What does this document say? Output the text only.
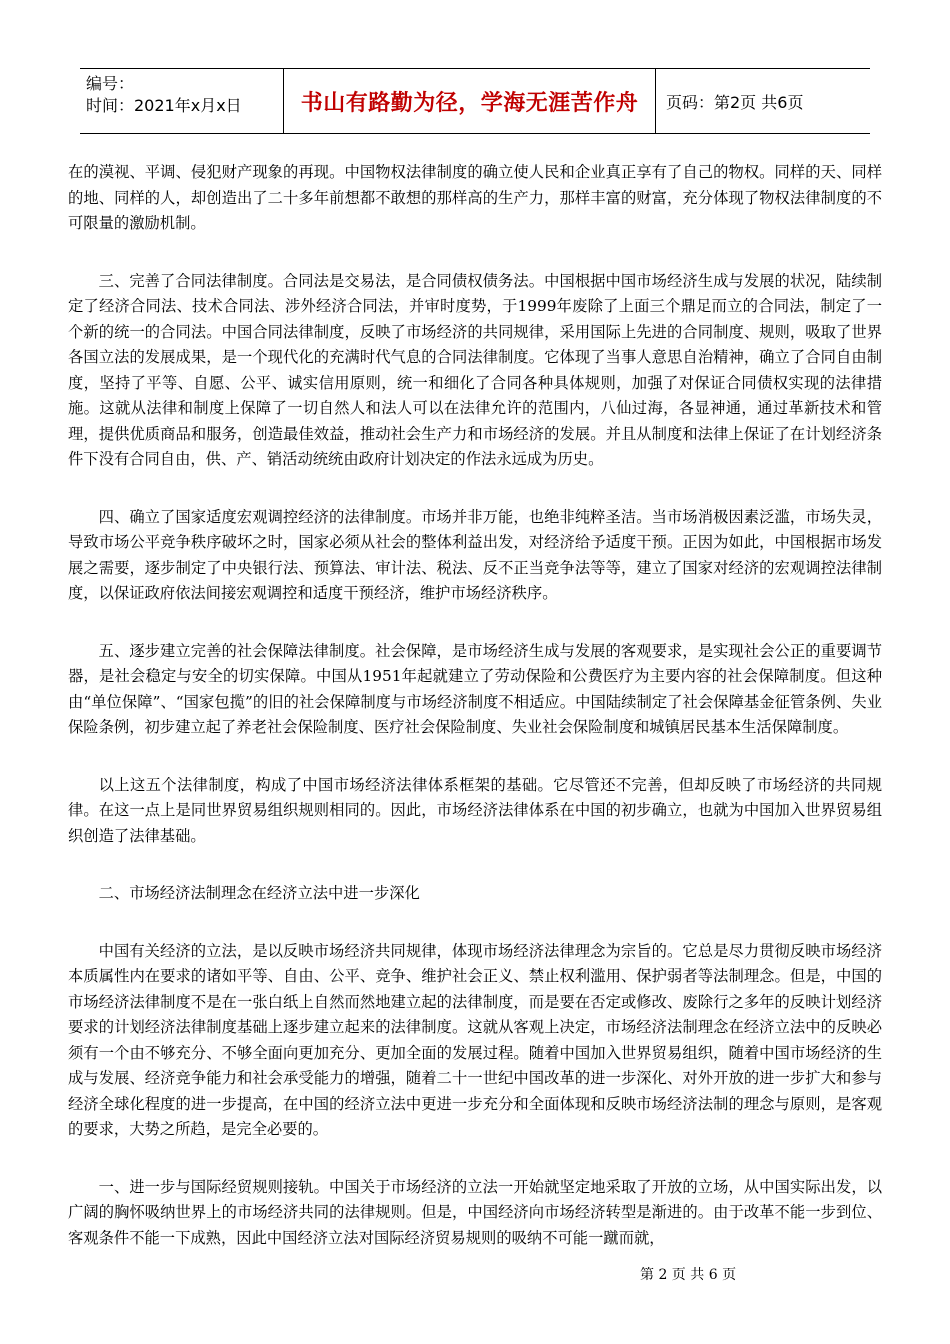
编号：
时间：2021年x月x日	书山有路勤为径，学海无涯苦作舟	页码：第2页 共6页

在的漠视、平调、侵犯财产现象的再现。中国物权法律制度的确立使人民和企业真正享有了自己的物权。同样的天、同样的地、同样的人，却创造出了二十多年前想都不敢想的那样高的生产力，那样丰富的财富，充分体现了物权法律制度的不可限量的激励机制。

三、完善了合同法律制度。合同法是交易法，是合同债权债务法。中国根据中国市场经济生成与发展的状况，陆续制定了经济合同法、技术合同法、涉外经济合同法，并审时度势，于1999年废除了上面三个鼎足而立的合同法，制定了一个新的统一的合同法。中国合同法律制度，反映了市场经济的共同规律，采用国际上先进的合同制度、规则，吸取了世界各国立法的发展成果，是一个现代化的充满时代气息的合同法律制度。它体现了当事人意思自治精神，确立了合同自由制度，坚持了平等、自愿、公平、诚实信用原则，统一和细化了合同各种具体规则，加强了对保证合同债权实现的法律措施。这就从法律和制度上保障了一切自然人和法人可以在法律允许的范围内，八仙过海，各显神通，通过革新技术和管理，提供优质商品和服务，创造最佳效益，推动社会生产力和市场经济的发展。并且从制度和法律上保证了在计划经济条件下没有合同自由，供、产、销活动统统由政府计划决定的作法永远成为历史。

四、确立了国家适度宏观调控经济的法律制度。市场并非万能，也绝非纯粹圣洁。当市场消极因素泛滥，市场失灵，导致市场公平竞争秩序破坏之时，国家必须从社会的整体利益出发，对经济给予适度干预。正因为如此，中国根据市场发展之需要，逐步制定了中央银行法、预算法、审计法、税法、反不正当竞争法等等，建立了国家对经济的宏观调控法律制度，以保证政府依法间接宏观调控和适度干预经济，维护市场经济秩序。

五、逐步建立完善的社会保障法律制度。社会保障，是市场经济生成与发展的客观要求，是实现社会公正的重要调节器，是社会稳定与安全的切实保障。中国从1951年起就建立了劳动保险和公费医疗为主要内容的社会保障制度。但这种由“单位保障”、“国家包揽”的旧的社会保障制度与市场经济制度不相适应。中国陆续制定了社会保障基金征管条例、失业保险条例，初步建立起了养老社会保险制度、医疗社会保险制度、失业社会保险制度和城镇居民基本生活保障制度。

以上这五个法律制度，构成了中国市场经济法律体系框架的基础。它尽管还不完善，但却反映了市场经济的共同规律。在这一点上是同世界贸易组织规则相同的。因此，市场经济法律体系在中国的初步确立，也就为中国加入世界贸易组织创造了法律基础。

二、市场经济法制理念在经济立法中进一步深化

中国有关经济的立法，是以反映市场经济共同规律，体现市场经济法律理念为宗旨的。它总是尽力贯彻反映市场经济本质属性内在要求的诸如平等、自由、公平、竞争、维护社会正义、禁止权利滥用、保护弱者等法制理念。但是，中国的市场经济法律制度不是在一张白纸上自然而然地建立起的法律制度，而是要在否定或修改、废除行之多年的反映计划经济要求的计划经济法律制度基础上逐步建立起来的法律制度。这就从客观上决定，市场经济法制理念在经济立法中的反映必须有一个由不够充分、不够全面向更加充分、更加全面的发展过程。随着中国加入世界贸易组织，随着中国市场经济的生成与发展、经济竞争能力和社会承受能力的增强，随着二十一世纪中国改革的进一步深化、对外开放的进一步扩大和参与经济全球化程度的进一步提高，在中国的经济立法中更进一步充分和全面体现和反映市场经济法制的理念与原则，是客观的要求，大势之所趋，是完全必要的。

一、进一步与国际经贸规则接轨。中国关于市场经济的立法一开始就坚定地采取了开放的立场，从中国实际出发，以广阔的胸怀吸纳世界上的市场经济共同的法律规则。但是，中国经济向市场经济转型是渐进的。由于改革不能一步到位、客观条件不能一下成熟，因此中国经济立法对国际经济贸易规则的吸纳不可能一蹴而就，

第 2 页 共 6 页
